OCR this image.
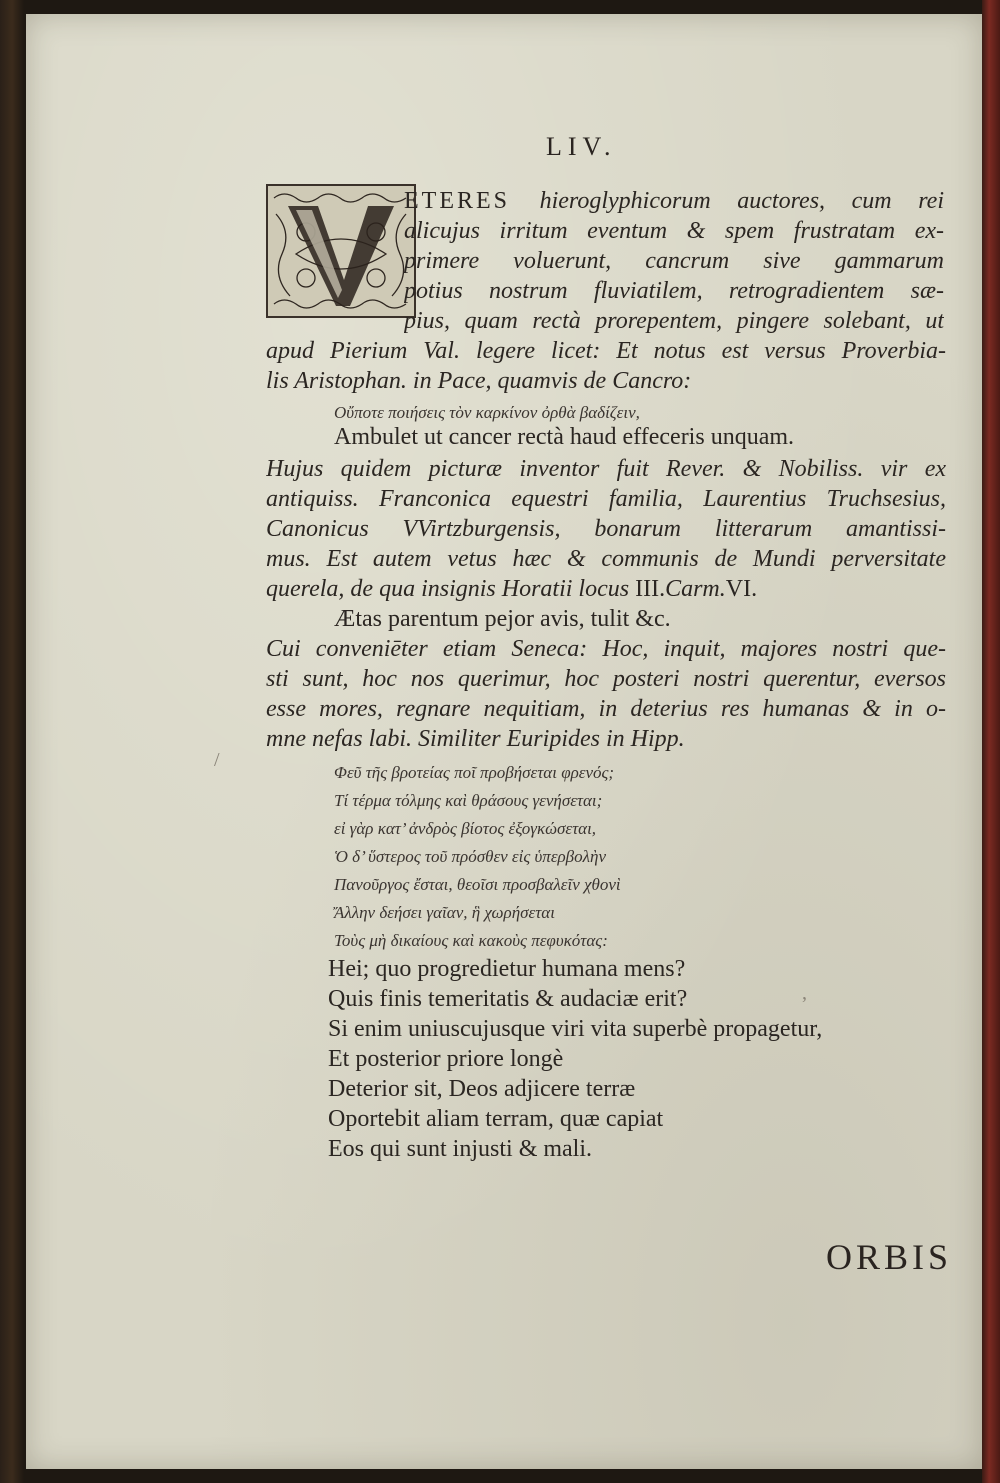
LIV.
ETERES hieroglyphicorum auctores, cum rei
alicujus irritum eventum & spem frustratam ex-
primere voluerunt, cancrum sive gammarum
potius nostrum fluviatilem, retrogradientem sæ-
pius, quam rectà prorepentem, pingere solebant, ut
apud Pierium Val. legere licet: Et notus est versus Proverbia-
lis Aristophan. in Pace, quamvis de Cancro:
Οὔποτε ποιήσεις τὸν καρκίνον ὀρθὰ βαδίζειν,
Ambulet ut cancer rectà haud effeceris unquam.
Hujus quidem picturæ inventor fuit Rever. & Nobiliss. vir ex
antiquiss. Franconica equestri familia, Laurentius Truchsesius,
Canonicus VVirtzburgensis, bonarum litterarum amantissi-
mus. Est autem vetus hæc & communis de Mundi perversitate
querela, de qua insignis Horatii locus III.Carm.VI.
Ætas parentum pejor avis, tulit &c.
Cui conveniēter etiam Seneca: Hoc, inquit, majores nostri que-
sti sunt, hoc nos querimur, hoc posteri nostri querentur, eversos
esse mores, regnare nequitiam, in deterius res humanas & in o-
mne nefas labi. Similiter Euripides in Hipp.
Φεῦ τῆς βροτείας ποῖ προβήσεται φρενός;
Τί τέρμα τόλμης καὶ θράσους γενήσεται;
εἰ γὰρ κατ’ ἀνδρὸς βίοτος ἐξογκώσεται,
Ὁ δ’ ὕστερος τοῦ πρόσθεν εἰς ὑπερβολὴν
Πανοῦργος ἔσται, θεοῖσι προσβαλεῖν χθονὶ
Ἄλλην δεήσει γαῖαν, ἣ χωρήσεται
Τοὺς μὴ δικαίους καὶ κακοὺς πεφυκότας:
Hei; quo progredietur humana mens?
Quis finis temeritatis & audaciæ erit?
Si enim uniuscujusque viri vita superbè propagetur,
Et posterior priore longè
Deterior sit, Deos adjicere terræ
Oportebit aliam terram, quæ capiat
Eos qui sunt injusti & mali.
ORBIS
/
,
